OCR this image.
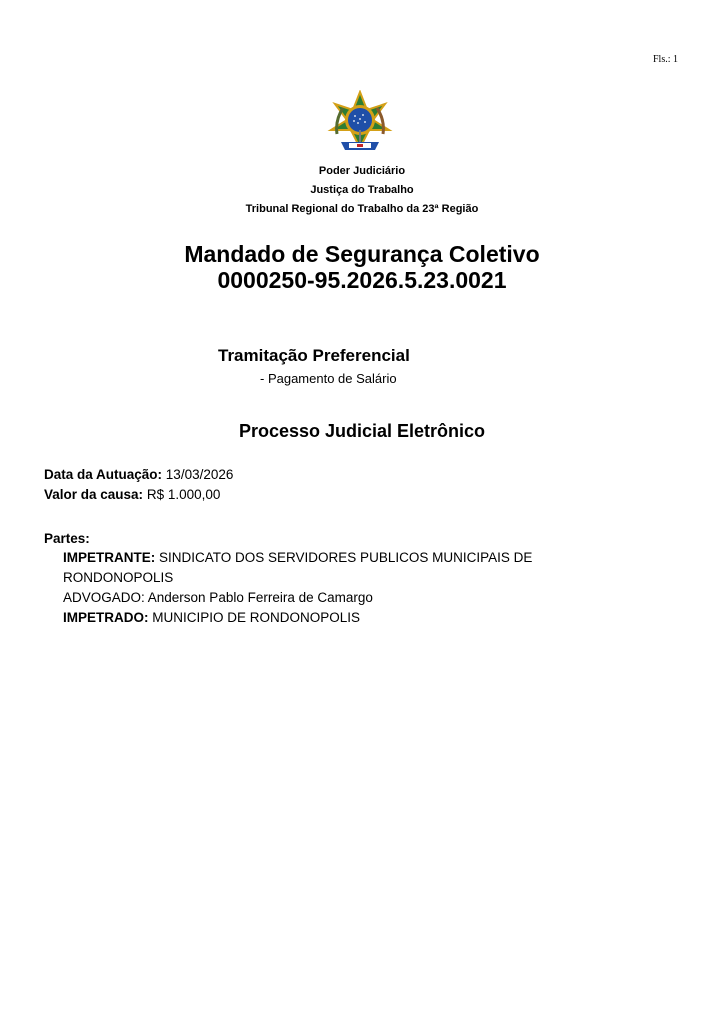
Fls.: 1
Poder Judiciário
Justiça do Trabalho
Tribunal Regional do Trabalho da 23ª Região
Mandado de Segurança Coletivo
0000250-95.2026.5.23.0021
Tramitação Preferencial
- Pagamento de Salário
Processo Judicial Eletrônico
Data da Autuação: 13/03/2026
Valor da causa: R$ 1.000,00
Partes:
IMPETRANTE: SINDICATO DOS SERVIDORES PUBLICOS MUNICIPAIS DE RONDONOPOLIS
ADVOGADO: Anderson Pablo Ferreira de Camargo
IMPETRADO: MUNICIPIO DE RONDONOPOLIS
